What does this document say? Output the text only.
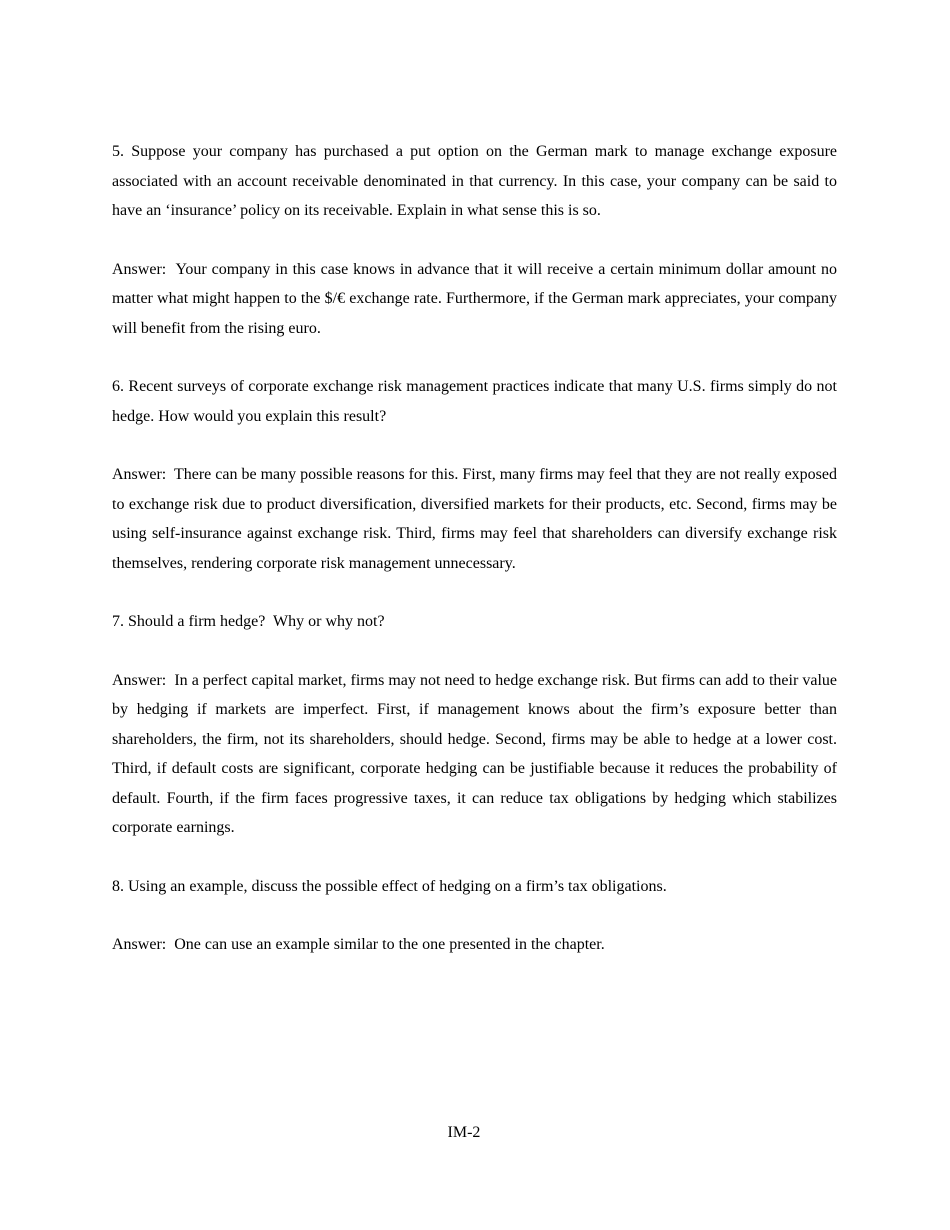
5. Suppose your company has purchased a put option on the German mark to manage exchange exposure associated with an account receivable denominated in that currency. In this case, your company can be said to have an ‘insurance’ policy on its receivable. Explain in what sense this is so.

Answer:  Your company in this case knows in advance that it will receive a certain minimum dollar amount no matter what might happen to the $/€ exchange rate. Furthermore, if the German mark appreciates, your company will benefit from the rising euro.

6. Recent surveys of corporate exchange risk management practices indicate that many U.S. firms simply do not hedge. How would you explain this result?

Answer:  There can be many possible reasons for this. First, many firms may feel that they are not really exposed to exchange risk due to product diversification, diversified markets for their products, etc. Second, firms may be using self-insurance against exchange risk. Third, firms may feel that shareholders can diversify exchange risk themselves, rendering corporate risk management unnecessary.

7. Should a firm hedge?  Why or why not?

Answer:  In a perfect capital market, firms may not need to hedge exchange risk. But firms can add to their value by hedging if markets are imperfect. First, if management knows about the firm’s exposure better than shareholders, the firm, not its shareholders, should hedge. Second, firms may be able to hedge at a lower cost. Third, if default costs are significant, corporate hedging can be justifiable because it reduces the probability of default. Fourth, if the firm faces progressive taxes, it can reduce tax obligations by hedging which stabilizes corporate earnings.

8. Using an example, discuss the possible effect of hedging on a firm’s tax obligations.

Answer:  One can use an example similar to the one presented in the chapter.

IM-2
